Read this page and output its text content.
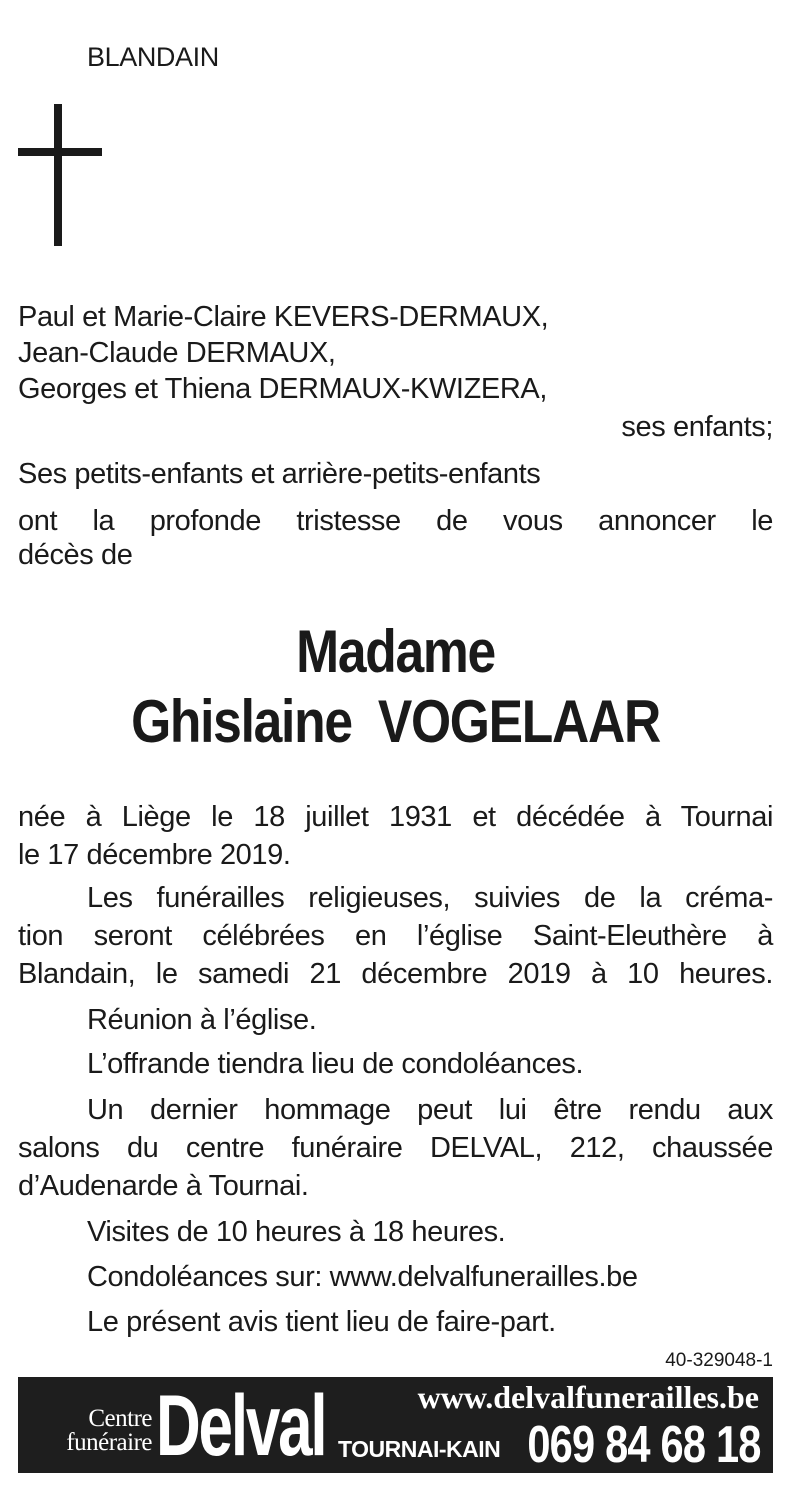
BLANDAIN
Paul et Marie-Claire KEVERS-DERMAUX,
Jean-Claude DERMAUX,
Georges et Thiena DERMAUX-KWIZERA,
ses enfants;
Ses petits-enfants et arrière-petits-enfants
ont la profonde tristesse de vous annoncer le
décès de
Madame
Ghislaine  VOGELAAR
née à Liège le 18 juillet 1931 et décédée à Tournai
le 17 décembre 2019.
Les funérailles religieuses, suivies de la créma-
tion seront célébrées en l’église Saint-Eleuthère à
Blandain, le samedi 21 décembre 2019 à 10 heures.
Réunion à l’église.
L’offrande tiendra lieu de condoléances.
Un dernier hommage peut lui être rendu aux
salons du centre funéraire DELVAL, 212, chaussée
d’Audenarde à Tournai.
Visites de 10 heures à 18 heures.
Condoléances sur: www.delvalfunerailles.be
Le présent avis tient lieu de faire-part.
40-329048-1
Centre
funéraire Delval	www.delvalfunerailles.be
TOURNAI-KAIN 069 84 68 18
